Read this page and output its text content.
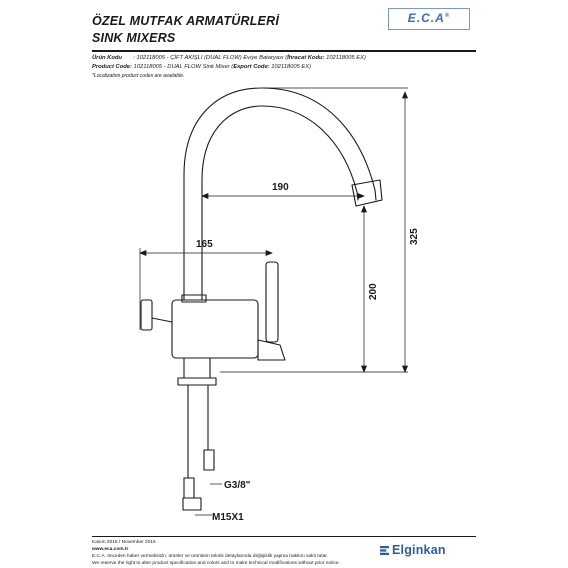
ÖZEL MUTFAK ARMATÜRLERİ
SINK MIXERS
E.C.A®
Ürün Kodu : 102118005 - ÇİFT AKIŞLI (DUAL FLOW) Eviye Bataryası (İhracat Kodu: 102118005 EX)
Product Code: 102118005 - DUAL FLOW Sink Mixer (Export Code: 102118005 EX)
*Localization product codes are available.
190
165
200
325
G3/8"
M15X1
Kasım 2015 / November 2015
www.eca.com.tr
E.C.A. önceden haber vermeksizin, ürünler ve ürünlerin teknik detaylarında değişiklik yapma hakkını saklı tutar.
We reserve the right to alter product specification and colors and to make technical modifications without prior notice.
Elginkan
